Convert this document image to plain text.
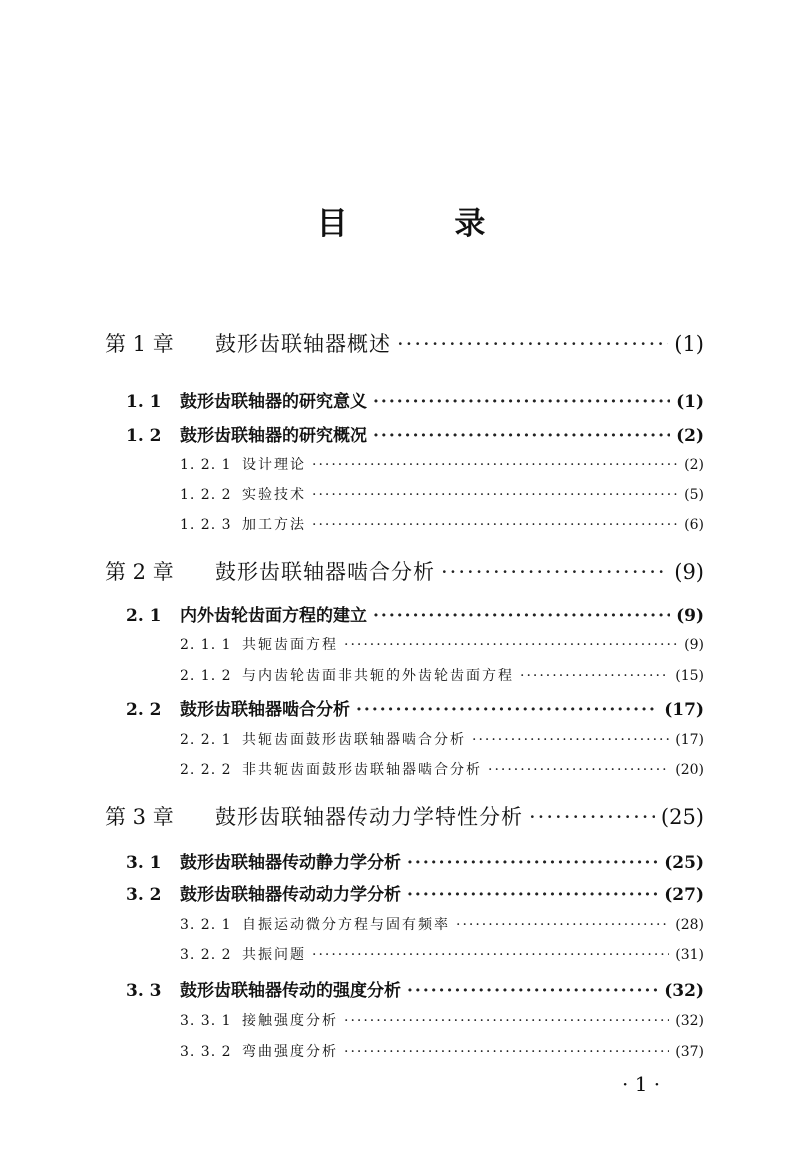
目 录
第 1 章	鼓形齿联轴器概述 ·····	(1)
1. 1	鼓形齿联轴器的研究意义 ·····	(1)
1. 2	鼓形齿联轴器的研究概况 ·····	(2)
1. 2. 1 设计理论 ·····	(2)
1. 2. 2 实验技术 ·····	(5)
1. 2. 3 加工方法 ·····	(6)
第 2 章	鼓形齿联轴器啮合分析 ·····	(9)
2. 1	内外齿轮齿面方程的建立 ·····	(9)
2. 1. 1 共轭齿面方程 ·····	(9)
2. 1. 2 与内齿轮齿面非共轭的外齿轮齿面方程 ·····	(15)
2. 2	鼓形齿联轴器啮合分析 ·····	(17)
2. 2. 1 共轭齿面鼓形齿联轴器啮合分析 ·····	(17)
2. 2. 2 非共轭齿面鼓形齿联轴器啮合分析 ·····	(20)
第 3 章	鼓形齿联轴器传动力学特性分析 ·····	(25)
3. 1	鼓形齿联轴器传动静力学分析 ·····	(25)
3. 2	鼓形齿联轴器传动动力学分析 ·····	(27)
3. 2. 1 自振运动微分方程与固有频率 ·····	(28)
3. 2. 2 共振问题 ·····	(31)
3. 3	鼓形齿联轴器传动的强度分析 ·····	(32)
3. 3. 1 接触强度分析 ·····	(32)
3. 3. 2 弯曲强度分析 ·····	(37)
· 1 ·
